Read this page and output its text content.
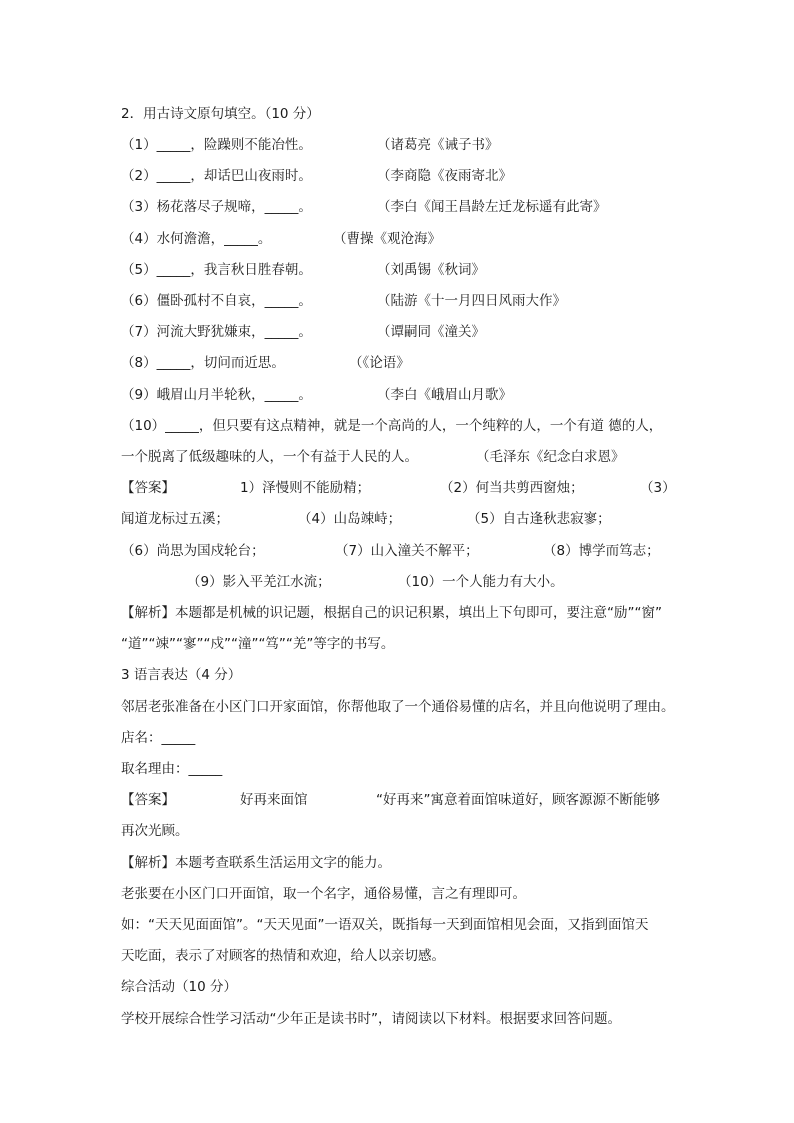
2．用古诗文原句填空。（10 分）
（1）_____，险躁则不能冶性。	（诸葛亮《诫子书》
（2）_____，却话巴山夜雨时。	（李商隐《夜雨寄北》
（3）杨花落尽子规啼，_____。	（李白《闻王昌龄左迁龙标遥有此寄》
（4）水何澹澹，_____。	（曹操《观沧海》
（5）_____，我言秋日胜春朝。	（刘禹锡《秋词》
（6）僵卧孤村不自哀，_____。	（陆游《十一月四日风雨大作》
（7）河流大野犹嫌束，_____。	（谭嗣同《潼关》
（8）_____，切问而近思。	（《论语》
（9）峨眉山月半轮秋，_____。	（李白《峨眉山月歌》
（10）_____，但只要有这点精神，就是一个高尚的人，一个纯粹的人，一个有道 德的人，
一个脱离了低级趣味的人，一个有益于人民的人。	（毛泽东《纪念白求恩》
【答案】	1）泽慢则不能励精；	（2）何当共剪西窗烛；	（3）
闻道龙标过五溪；	（4）山岛竦峙；	（5）自古逢秋悲寂寥；
（6）尚思为国戍轮台；	（7）山入潼关不解平；	（8）博学而笃志；
（9）影入平羌江水流；	（10）一个人能力有大小。
【解析】本题都是机械的识记题，根据自己的识记积累，填出上下句即可，要注意“励”“窗”
“道”“竦”“寥”“戍”“潼”“笃”“羌”等字的书写。
3 语言表达（4 分）
邻居老张准备在小区门口开家面馆，你帮他取了一个通俗易懂的店名，并且向他说明了理由。
店名：_____
取名理由：_____
【答案】	好再来面馆	“好再来”寓意着面馆味道好，顾客源源不断能够
再次光顾。
【解析】本题考查联系生活运用文字的能力。
老张要在小区门口开面馆，取一个名字，通俗易懂，言之有理即可。
如：“天天见面面馆”。“天天见面”一语双关，既指每一天到面馆相见会面，又指到面馆天
天吃面，表示了对顾客的热情和欢迎，给人以亲切感。
综合活动（10 分）
学校开展综合性学习活动“少年正是读书时”，请阅读以下材料。根据要求回答问题。
